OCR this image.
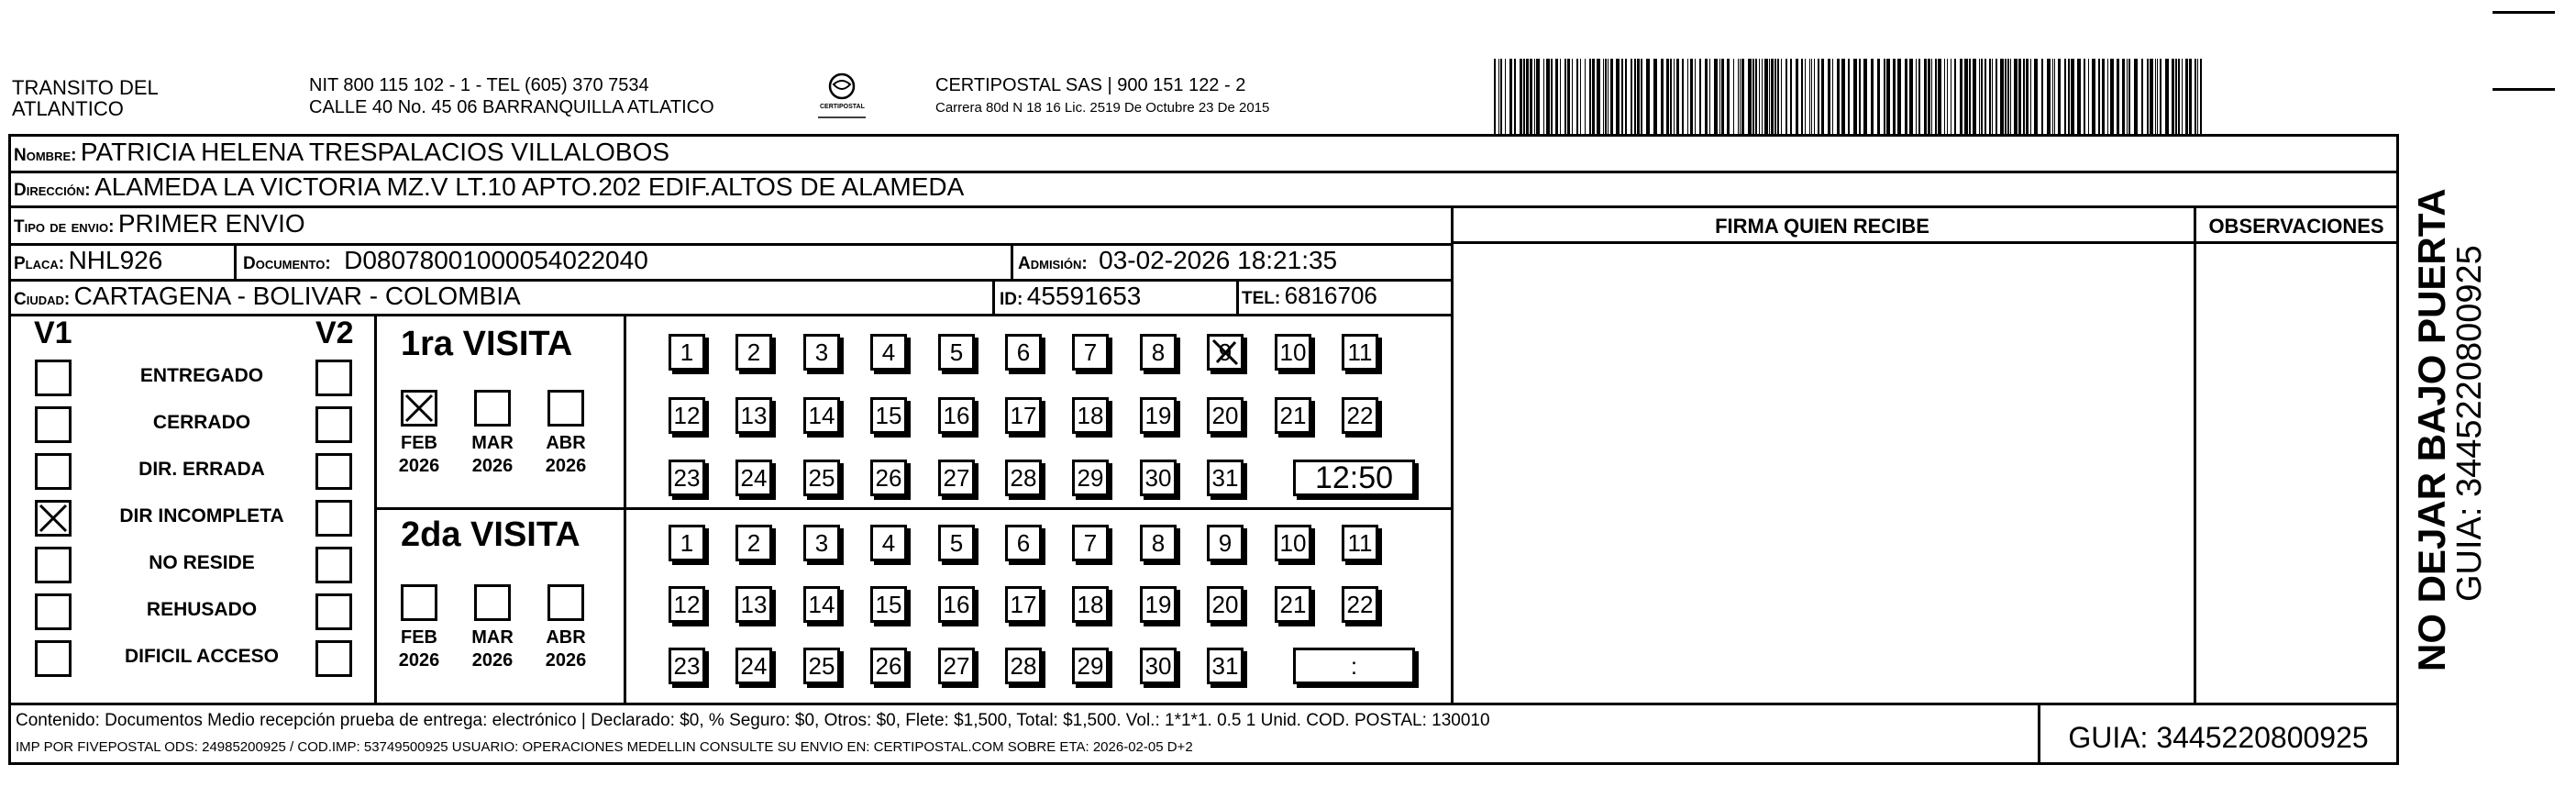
TRANSITO DEL
ATLANTICO
NIT 800 115 102 - 1 - TEL (605) 370 7534
CALLE 40 No. 45 06 BARRANQUILLA ATLATICO	CERTIPOSTAL
CERTIPOSTAL SAS | 900 151 122 - 2
Carrera 80d N 18 16 Lic. 2519 De Octubre 23 De 2015
Nombre: PATRICIA HELENA TRESPALACIOS VILLALOBOS
Dirección: ALAMEDA LA VICTORIA MZ.V LT.10 APTO.202 EDIF.ALTOS DE ALAMEDA
Tipo de envio: PRIMER ENVIO
Placa: NHL926	Documento: D08078001000054022040	Admisión: 03-02-2026 18:21:35
Ciudad: CARTAGENA - BOLIVAR - COLOMBIA	ID: 45591653	TEL: 6816706
FIRMA QUIEN RECIBE	OBSERVACIONES
V1	V2
ENTREGADO
CERRADO
DIR. ERRADA
DIR INCOMPLETA
NO RESIDE
REHUSADO
DIFICIL ACCESO
1ra VISITA
FEB
2026
MAR
2026
ABR
2026
1	2	3	4	5	6	7	8	9 10 11
12 13 14 15 16 17 18 19 20 21 22
23 24 25 26 27 28 29 30 31	12:50
2da VISITA
FEB
2026
MAR
2026
ABR
2026
1	2	3	4	5	6	7	8	9	10 11
12 13 14 15 16 17 18 19 20 21 22
23 24 25 26 27 28 29 30 31	:
Contenido: Documentos Medio recepción prueba de entrega: electrónico | Declarado: $0, % Seguro: $0, Otros: $0, Flete: $1,500, Total: $1,500. Vol.: 1*1*1. 0.5 1 Unid. COD. POSTAL: 130010
IMP POR FIVEPOSTAL ODS: 24985200925 / COD.IMP: 53749500925 USUARIO: OPERACIONES MEDELLIN CONSULTE SU ENVIO EN: CERTIPOSTAL.COM SOBRE ETA: 2026-02-05 D+2	GUIA: 3445220800925
NO DEJAR BAJO PUERTA
GUIA: 3445220800925
